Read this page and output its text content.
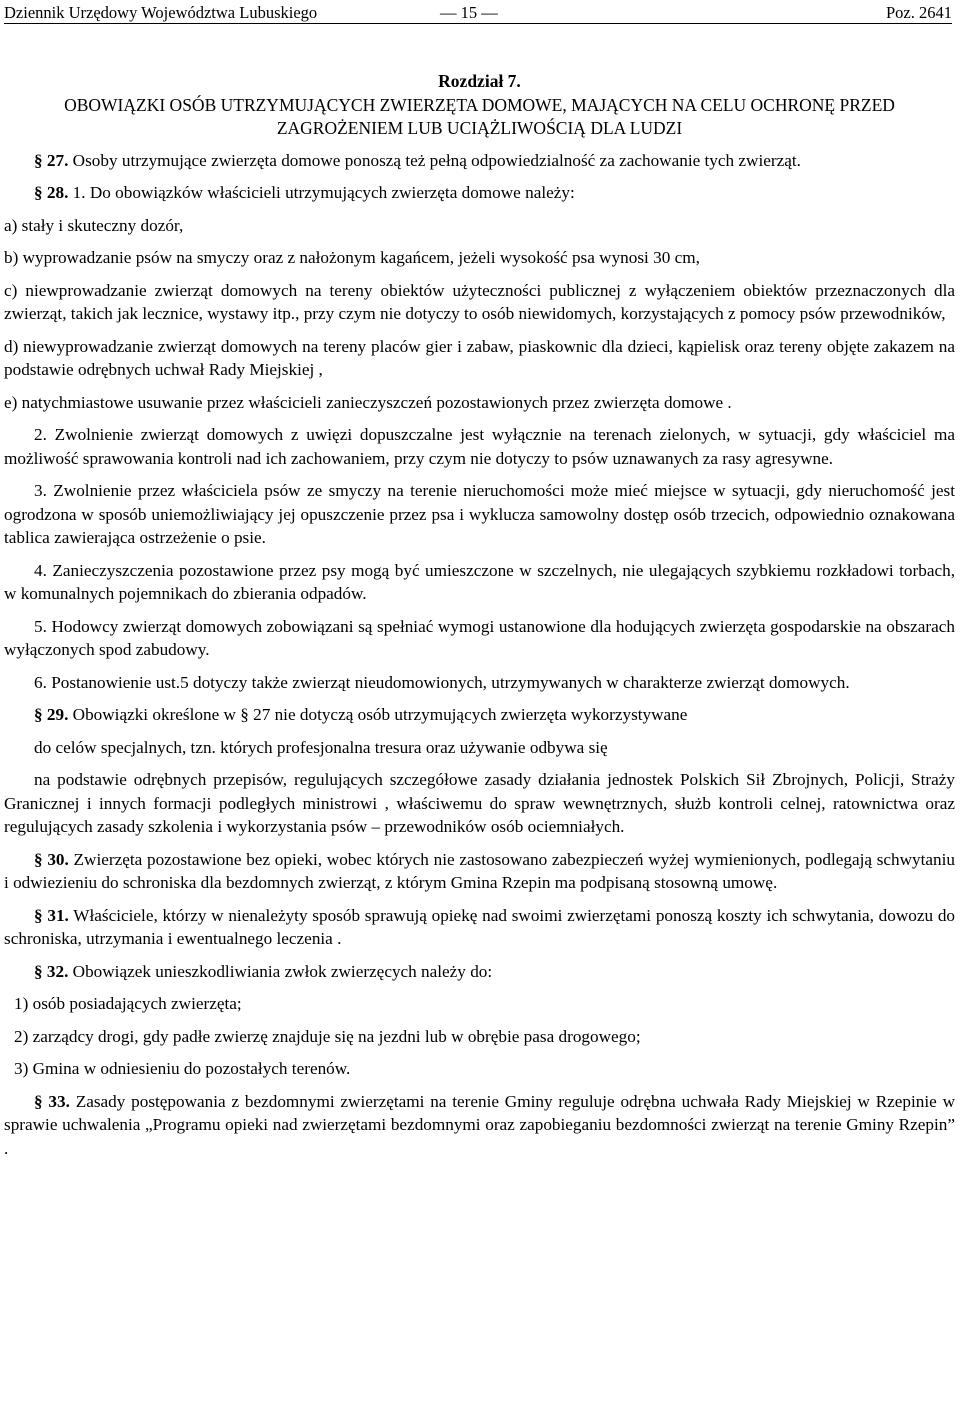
Dziennik Urzędowy Województwa Lubuskiego	— 15 —	Poz. 2641

Rozdział 7.

OBOWIĄZKI OSÓB UTRZYMUJĄCYCH ZWIERZĘTA DOMOWE, MAJĄCYCH NA CELU OCHRONĘ PRZED ZAGROŻENIEM LUB UCIĄŻLIWOŚCIĄ DLA LUDZI

§ 27. Osoby utrzymujące zwierzęta domowe ponoszą też pełną odpowiedzialność za zachowanie tych zwierząt.

§ 28. 1. Do obowiązków właścicieli utrzymujących zwierzęta domowe należy:

a) stały i skuteczny dozór,

b) wyprowadzanie psów na smyczy oraz z nałożonym kagańcem, jeżeli wysokość psa wynosi 30 cm,

c) niewprowadzanie zwierząt domowych na tereny obiektów użyteczności publicznej z wyłączeniem obiektów przeznaczonych dla zwierząt, takich jak lecznice, wystawy itp., przy czym nie dotyczy to osób niewidomych, korzystających z pomocy psów przewodników,

d) niewyprowadzanie zwierząt domowych na tereny placów gier i zabaw, piaskownic dla dzieci, kąpielisk oraz tereny objęte zakazem na podstawie odrębnych uchwał Rady Miejskiej ,

e) natychmiastowe usuwanie przez właścicieli zanieczyszczeń pozostawionych przez zwierzęta domowe .

2. Zwolnienie zwierząt domowych z uwięzi dopuszczalne jest wyłącznie na terenach zielonych, w sytuacji, gdy właściciel ma możliwość sprawowania kontroli nad ich zachowaniem, przy czym nie dotyczy to psów uznawanych za rasy agresywne.

3. Zwolnienie przez właściciela psów ze smyczy na terenie nieruchomości może mieć miejsce w sytuacji, gdy nieruchomość jest ogrodzona w sposób uniemożliwiający jej opuszczenie przez psa i wyklucza samowolny dostęp osób trzecich, odpowiednio oznakowana tablica zawierająca ostrzeżenie o psie.

4. Zanieczyszczenia pozostawione przez psy mogą być umieszczone w szczelnych, nie ulegających szybkiemu rozkładowi torbach, w komunalnych pojemnikach do zbierania odpadów.

5. Hodowcy zwierząt domowych zobowiązani są spełniać wymogi ustanowione dla hodujących zwierzęta gospodarskie na obszarach wyłączonych spod zabudowy.

6. Postanowienie ust.5 dotyczy także zwierząt nieudomowionych, utrzymywanych w charakterze zwierząt domowych.

§ 29. Obowiązki określone w § 27 nie dotyczą osób utrzymujących zwierzęta wykorzystywane

do celów specjalnych, tzn. których profesjonalna tresura oraz używanie odbywa się

na podstawie odrębnych przepisów, regulujących szczegółowe zasady działania jednostek Polskich Sił Zbrojnych, Policji, Straży Granicznej i innych formacji podległych ministrowi , właściwemu do spraw wewnętrznych, służb kontroli celnej, ratownictwa oraz regulujących zasady szkolenia i wykorzystania psów – przewodników osób ociemniałych.

§ 30. Zwierzęta pozostawione bez opieki, wobec których nie zastosowano zabezpieczeń wyżej wymienionych, podlegają schwytaniu i odwiezieniu do schroniska dla bezdomnych zwierząt, z którym Gmina Rzepin ma podpisaną stosowną umowę.

§ 31. Właściciele, którzy w nienależyty sposób sprawują opiekę nad swoimi zwierzętami ponoszą koszty ich schwytania, dowozu do schroniska, utrzymania i ewentualnego leczenia .

§ 32. Obowiązek unieszkodliwiania zwłok zwierzęcych należy do:

1) osób posiadających zwierzęta;

2) zarządcy drogi, gdy padłe zwierzę znajduje się na jezdni lub w obrębie pasa drogowego;

3) Gmina w odniesieniu do pozostałych terenów.

§ 33. Zasady postępowania z bezdomnymi zwierzętami na terenie Gminy reguluje odrębna uchwała Rady Miejskiej w Rzepinie w sprawie uchwalenia „Programu opieki nad zwierzętami bezdomnymi oraz zapobieganiu bezdomności zwierząt na terenie Gminy Rzepin” .
